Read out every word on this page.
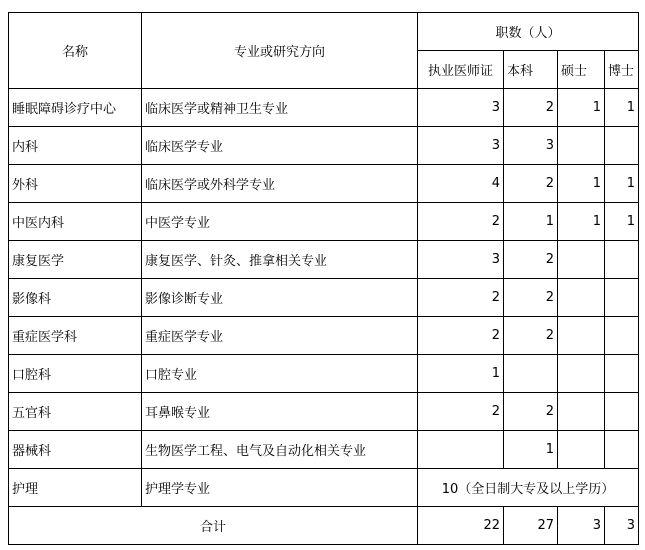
名称	专业或研究方向	职数（人）			
		执业医师证	本科	硕士	博士
睡眠障碍诊疗中心	临床医学或精神卫生专业	3	2	1	1
内科	临床医学专业	3	3		
外科	临床医学或外科学专业	4	2	1	1
中医内科	中医学专业	2	1	1	1
康复医学	康复医学、针灸、推拿相关专业	3	2		
影像科	影像诊断专业	2	2		
重症医学科	重症医学专业	2	2		
口腔科	口腔专业	1			
五官科	耳鼻喉专业	2	2		
器械科	生物医学工程、电气及自动化相关专业		1		
护理	护理学专业	10（全日制大专及以上学历）			
合计		22	27	3	3
